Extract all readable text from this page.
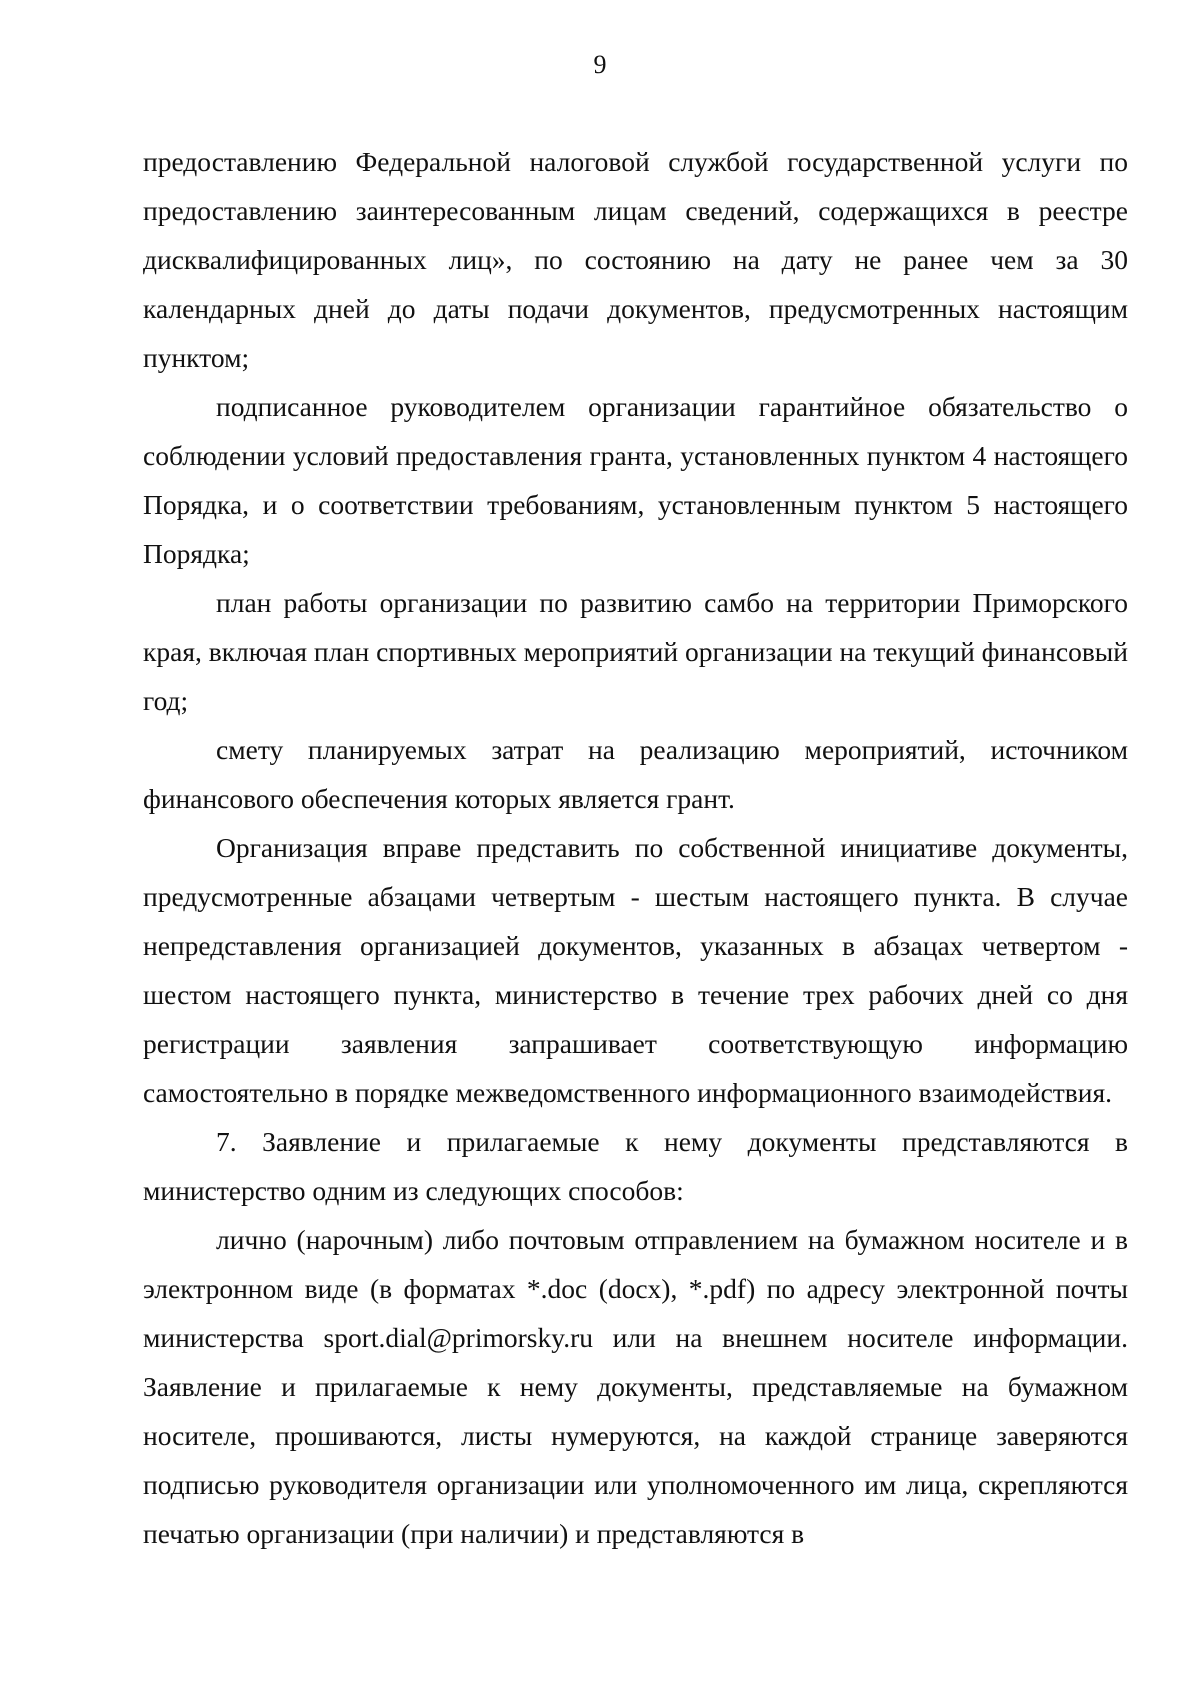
9

предоставлению Федеральной налоговой службой государственной услуги по предоставлению заинтересованным лицам сведений, содержащихся в реестре дисквалифицированных лиц», по состоянию на дату не ранее чем за 30 календарных дней до даты подачи документов, предусмотренных настоящим пунктом;

подписанное руководителем организации гарантийное обязательство о соблюдении условий предоставления гранта, установленных пунктом 4 настоящего Порядка, и о соответствии требованиям, установленным пунктом 5 настоящего Порядка;

план работы организации по развитию самбо на территории Приморского края, включая план спортивных мероприятий организации на текущий финансовый год;

смету планируемых затрат на реализацию мероприятий, источником финансового обеспечения которых является грант.

Организация вправе представить по собственной инициативе документы, предусмотренные абзацами четвертым - шестым настоящего пункта. В случае непредставления организацией документов, указанных в абзацах четвертом - шестом настоящего пункта, министерство в течение трех рабочих дней со дня регистрации заявления запрашивает соответствующую информацию самостоятельно в порядке межведомственного информационного взаимодействия.

7. Заявление и прилагаемые к нему документы представляются в министерство одним из следующих способов:

лично (нарочным) либо почтовым отправлением на бумажном носителе и в электронном виде (в форматах *.doc (docx), *.pdf) по адресу электронной почты министерства sport.dial@primorsky.ru или на внешнем носителе информации. Заявление и прилагаемые к нему документы, представляемые на бумажном носителе, прошиваются, листы нумеруются, на каждой странице заверяются подписью руководителя организации или уполномоченного им лица, скрепляются печатью организации (при наличии) и представляются в
